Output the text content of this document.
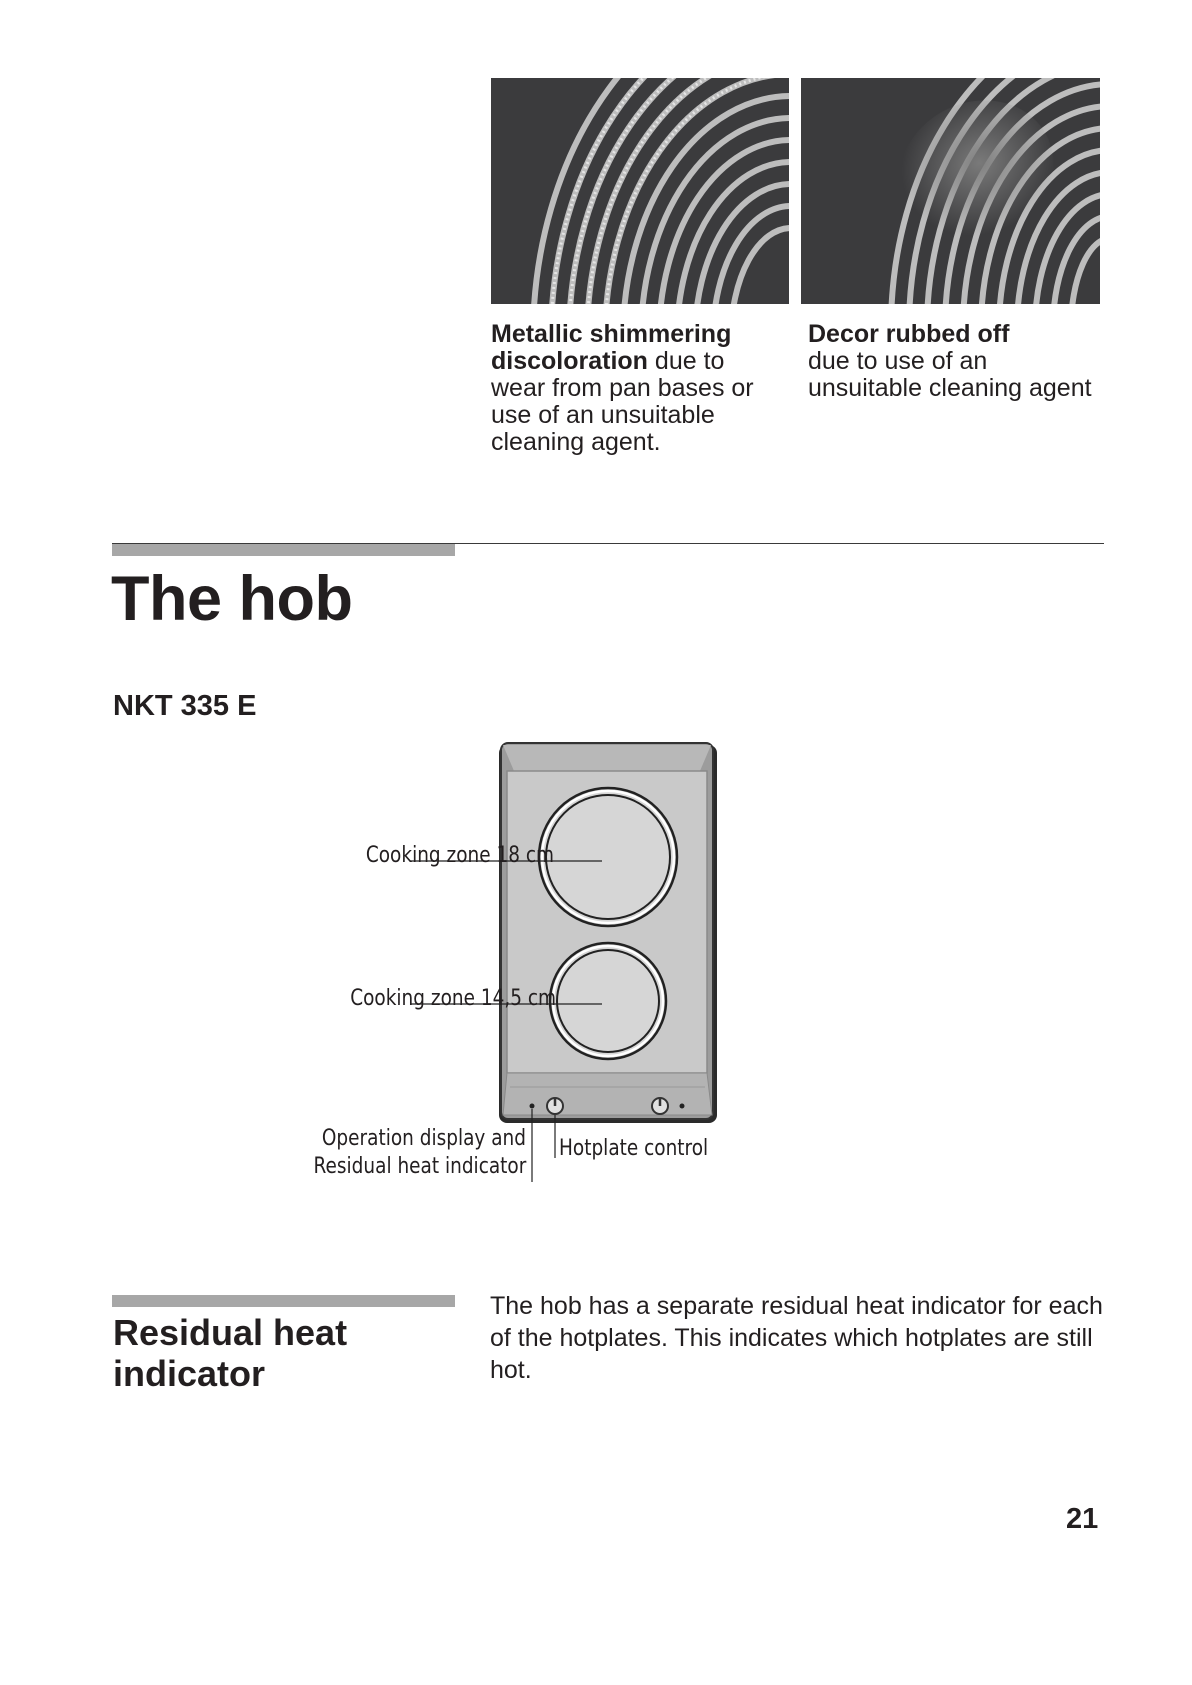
Metallic shimmering discoloration due to wear from pan bases or use of an unsuitable cleaning agent.
Decor rubbed off
due to use of an unsuitable cleaning agent
The hob
NKT 335 E
Cooking zone 18 cm
Cooking zone 14,5 cm
Operation display and
Residual heat indicator
Hotplate control
Residual heat
indicator
The hob has a separate residual heat indicator for each of the hotplates. This indicates which hotplates are still hot.
21
